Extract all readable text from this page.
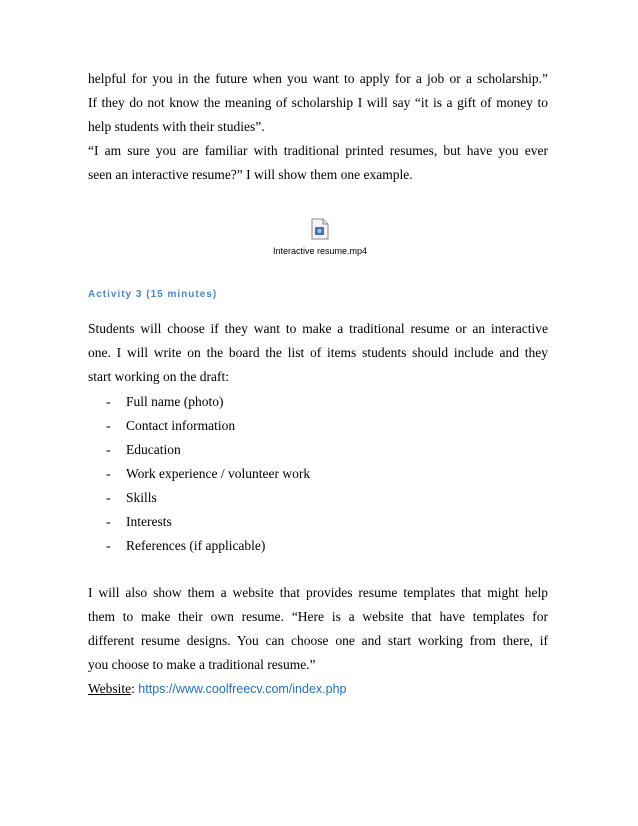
helpful for you in the future when you want to apply for a job or a scholarship.”

If they do not know the meaning of scholarship I will say “it is a gift of money to

help students with their studies”.

“I am sure you are familiar with traditional printed resumes, but have you ever

seen an interactive resume?” I will show them one example.

Interactive resume.mp4
Activity 3 (15 minutes)

Students will choose if they want to make a traditional resume or an interactive

one. I will write on the board the list of items students should include and they

start working on the draft:

- Full name (photo)
- Contact information
- Education
- Work experience / volunteer work
- Skills
- Interests
- References (if applicable)

I will also show them a website that provides resume templates that might help

them to make their own resume. “Here is a website that have templates for

different resume designs. You can choose one and start working from there, if

you choose to make a traditional resume.”

Website: https://www.coolfreecv.com/index.php
